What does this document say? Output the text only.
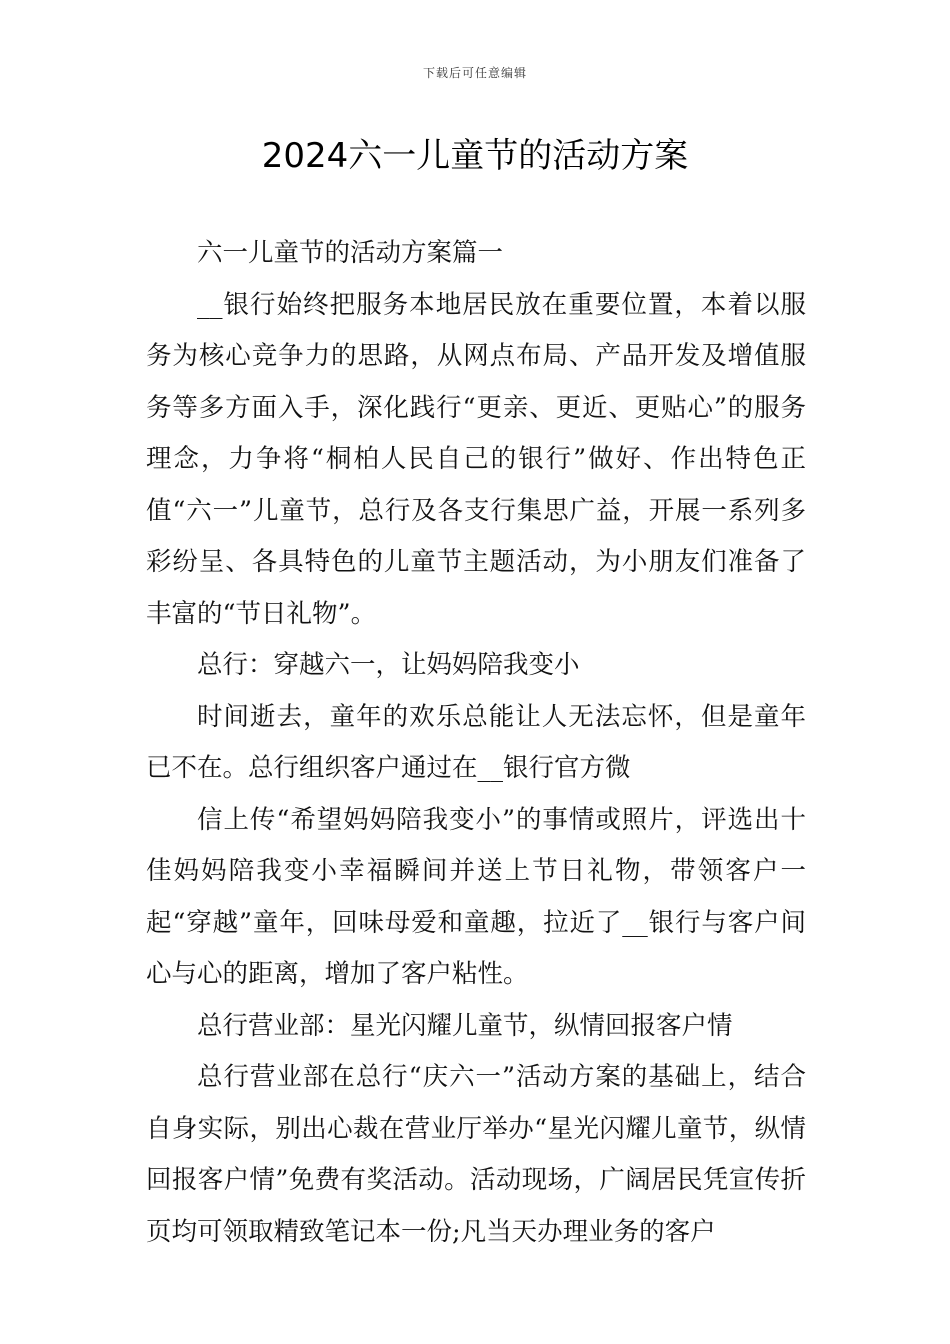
下载后可任意编辑
2024六一儿童节的活动方案

六一儿童节的活动方案篇一

__银行始终把服务本地居民放在重要位置，本着以服务为核心竞争力的思路，从网点布局、产品开发及增值服务等多方面入手，深化践行“更亲、更近、更贴心”的服务理念，力争将“桐柏人民自己的银行”做好、作出特色正值“六一”儿童节，总行及各支行集思广益，开展一系列多彩纷呈、各具特色的儿童节主题活动，为小朋友们准备了丰富的“节日礼物”。

总行：穿越六一，让妈妈陪我变小

时间逝去，童年的欢乐总能让人无法忘怀，但是童年已不在。总行组织客户通过在__银行官方微

信上传“希望妈妈陪我变小”的事情或照片，评选出十佳妈妈陪我变小幸福瞬间并送上节日礼物，带领客户一起“穿越”童年，回味母爱和童趣，拉近了__银行与客户间心与心的距离，增加了客户粘性。

总行营业部：星光闪耀儿童节，纵情回报客户情

总行营业部在总行“庆六一”活动方案的基础上，结合自身实际，别出心裁在营业厅举办“星光闪耀儿童节，纵情回报客户情”免费有奖活动。活动现场，广阔居民凭宣传折页均可领取精致笔记本一份;凡当天办理业务的客户
